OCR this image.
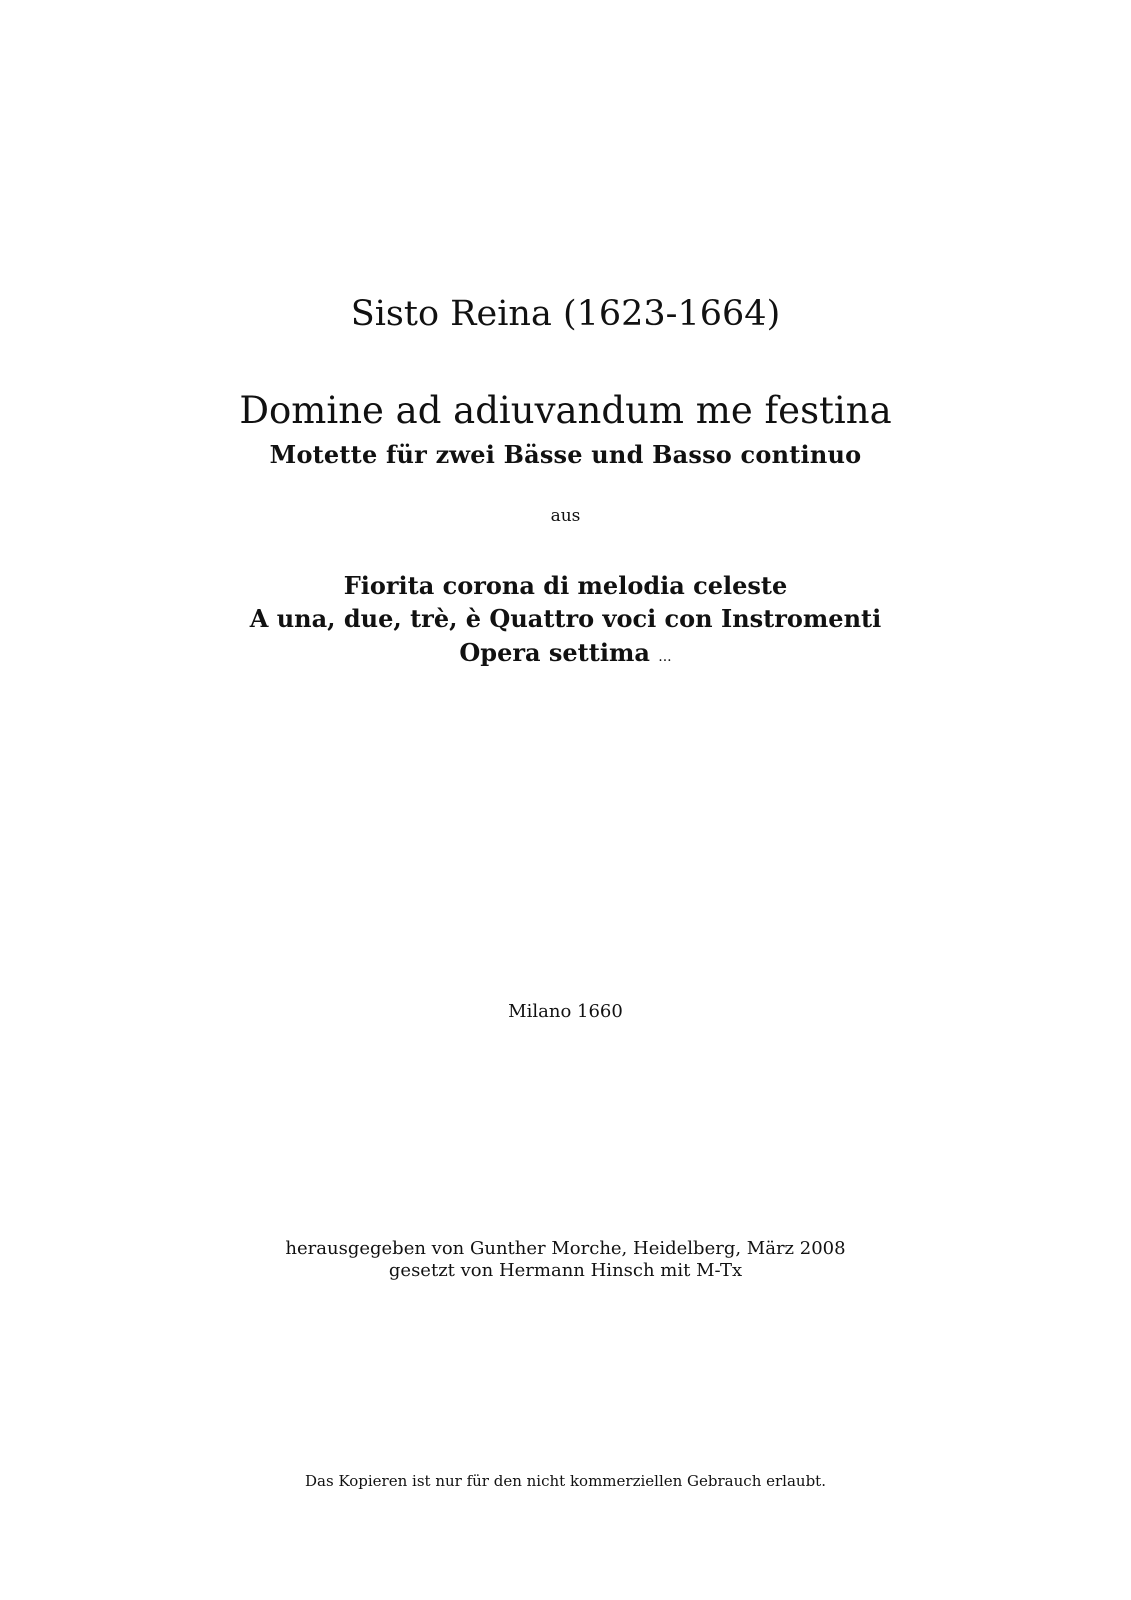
Sisto Reina (1623-1664)
Domine ad adiuvandum me festina
Motette für zwei Bässe und Basso continuo
aus
Fiorita corona di melodia celeste
A una, due, trè, è Quattro voci con Instromenti
Opera settima ...
Milano 1660
herausgegeben von Gunther Morche, Heidelberg, März 2008
gesetzt von Hermann Hinsch mit M-Tx
Das Kopieren ist nur für den nicht kommerziellen Gebrauch erlaubt.
